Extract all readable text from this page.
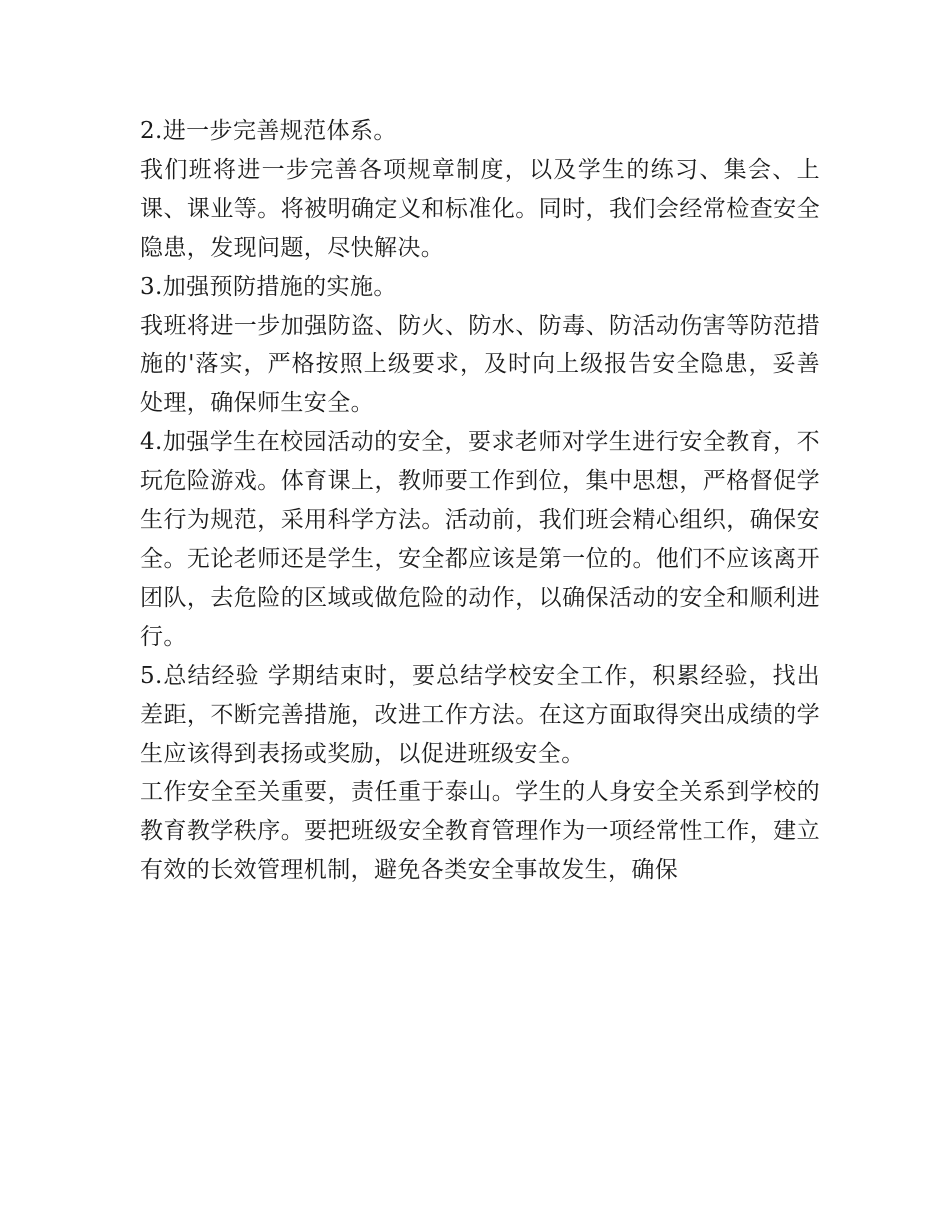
2.进一步完善规范体系。

我们班将进一步完善各项规章制度，以及学生的练习、集会、上课、课业等。将被明确定义和标准化。同时，我们会经常检查安全隐患，发现问题，尽快解决。

3.加强预防措施的实施。

我班将进一步加强防盗、防火、防水、防毒、防活动伤害等防范措施的'落实，严格按照上级要求，及时向上级报告安全隐患，妥善处理，确保师生安全。

4.加强学生在校园活动的安全，要求老师对学生进行安全教育，不玩危险游戏。体育课上，教师要工作到位，集中思想，严格督促学生行为规范，采用科学方法。活动前，我们班会精心组织，确保安全。无论老师还是学生，安全都应该是第一位的。他们不应该离开团队，去危险的区域或做危险的动作，以确保活动的安全和顺利进行。

5.总结经验 学期结束时，要总结学校安全工作，积累经验，找出差距，不断完善措施，改进工作方法。在这方面取得突出成绩的学生应该得到表扬或奖励，以促进班级安全。

工作安全至关重要，责任重于泰山。学生的人身安全关系到学校的教育教学秩序。要把班级安全教育管理作为一项经常性工作，建立有效的长效管理机制，避免各类安全事故发生，确保
